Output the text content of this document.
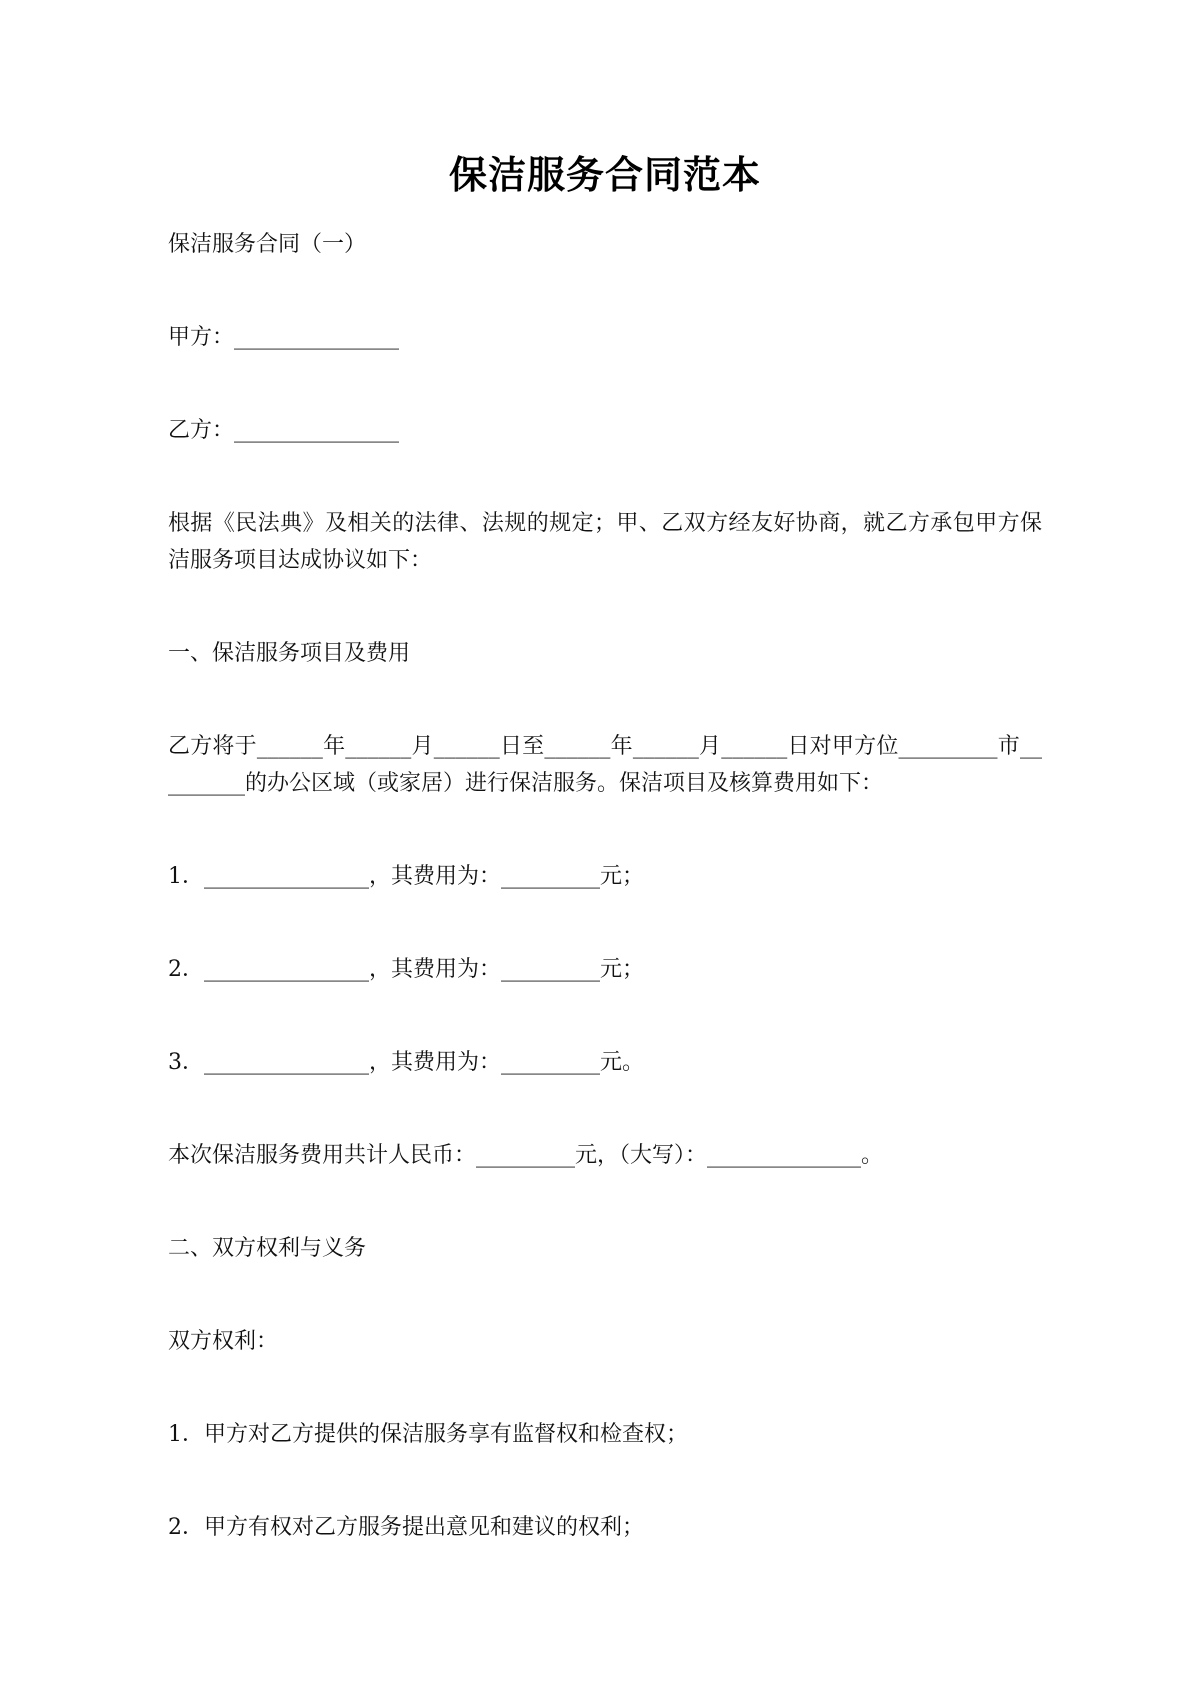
保洁服务合同范本

保洁服务合同（一）

甲方：_______________

乙方：_______________

根据《民法典》及相关的法律、法规的规定；甲、乙双方经友好协商，就乙方承包甲方保洁服务项目达成协议如下：

一、保洁服务项目及费用

乙方将于______年______月______日至______年______月______日对甲方位_________市_________的办公区域（或家居）进行保洁服务。保洁项目及核算费用如下：

1．_______________，其费用为：_________元；

2．_______________，其费用为：_________元；

3．_______________，其费用为：_________元。

本次保洁服务费用共计人民币：_________元，（大写）：______________。

二、双方权利与义务

双方权利：

1．甲方对乙方提供的保洁服务享有监督权和检查权；

2．甲方有权对乙方服务提出意见和建议的权利；
